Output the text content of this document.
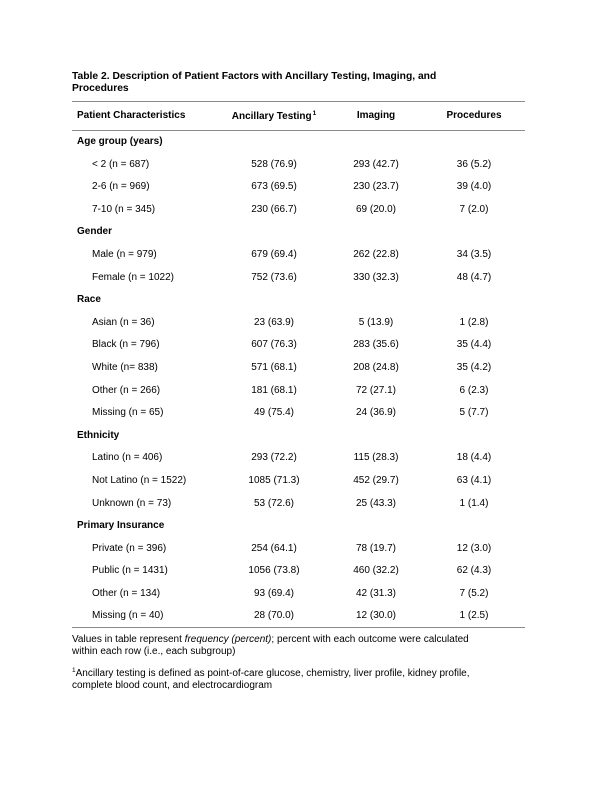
Table 2. Description of Patient Factors with Ancillary Testing, Imaging, and Procedures
Patient Characteristics	Ancillary Testing$^1$	Imaging	Procedures
Age group (years)			
< 2 (n = 687)	528 (76.9)	293 (42.7)	36 (5.2)
2-6 (n = 969)	673 (69.5)	230 (23.7)	39 (4.0)
7-10 (n = 345)	230 (66.7)	69 (20.0)	7 (2.0)
Gender			
Male (n = 979)	679 (69.4)	262 (22.8)	34 (3.5)
Female (n = 1022)	752 (73.6)	330 (32.3)	48 (4.7)
Race			
Asian (n = 36)	23 (63.9)	5 (13.9)	1 (2.8)
Black (n = 796)	607 (76.3)	283 (35.6)	35 (4.4)
White (n= 838)	571 (68.1)	208 (24.8)	35 (4.2)
Other (n = 266)	181 (68.1)	72 (27.1)	6 (2.3)
Missing (n = 65)	49 (75.4)	24 (36.9)	5 (7.7)
Ethnicity			
Latino (n = 406)	293 (72.2)	115 (28.3)	18 (4.4)
Not Latino (n = 1522)	1085 (71.3)	452 (29.7)	63 (4.1)
Unknown (n = 73)	53 (72.6)	25 (43.3)	1 (1.4)
Primary Insurance			
Private (n = 396)	254 (64.1)	78 (19.7)	12 (3.0)
Public (n = 1431)	1056 (73.8)	460 (32.2)	62 (4.3)
Other (n = 134)	93 (69.4)	42 (31.3)	7 (5.2)
Missing (n = 40)	28 (70.0)	12 (30.0)	1 (2.5)

Values in table represent frequency (percent); percent with each outcome were calculated within each row (i.e., each subgroup)

$^1$Ancillary testing is defined as point-of-care glucose, chemistry, liver profile, kidney profile, complete blood count, and electrocardiogram
